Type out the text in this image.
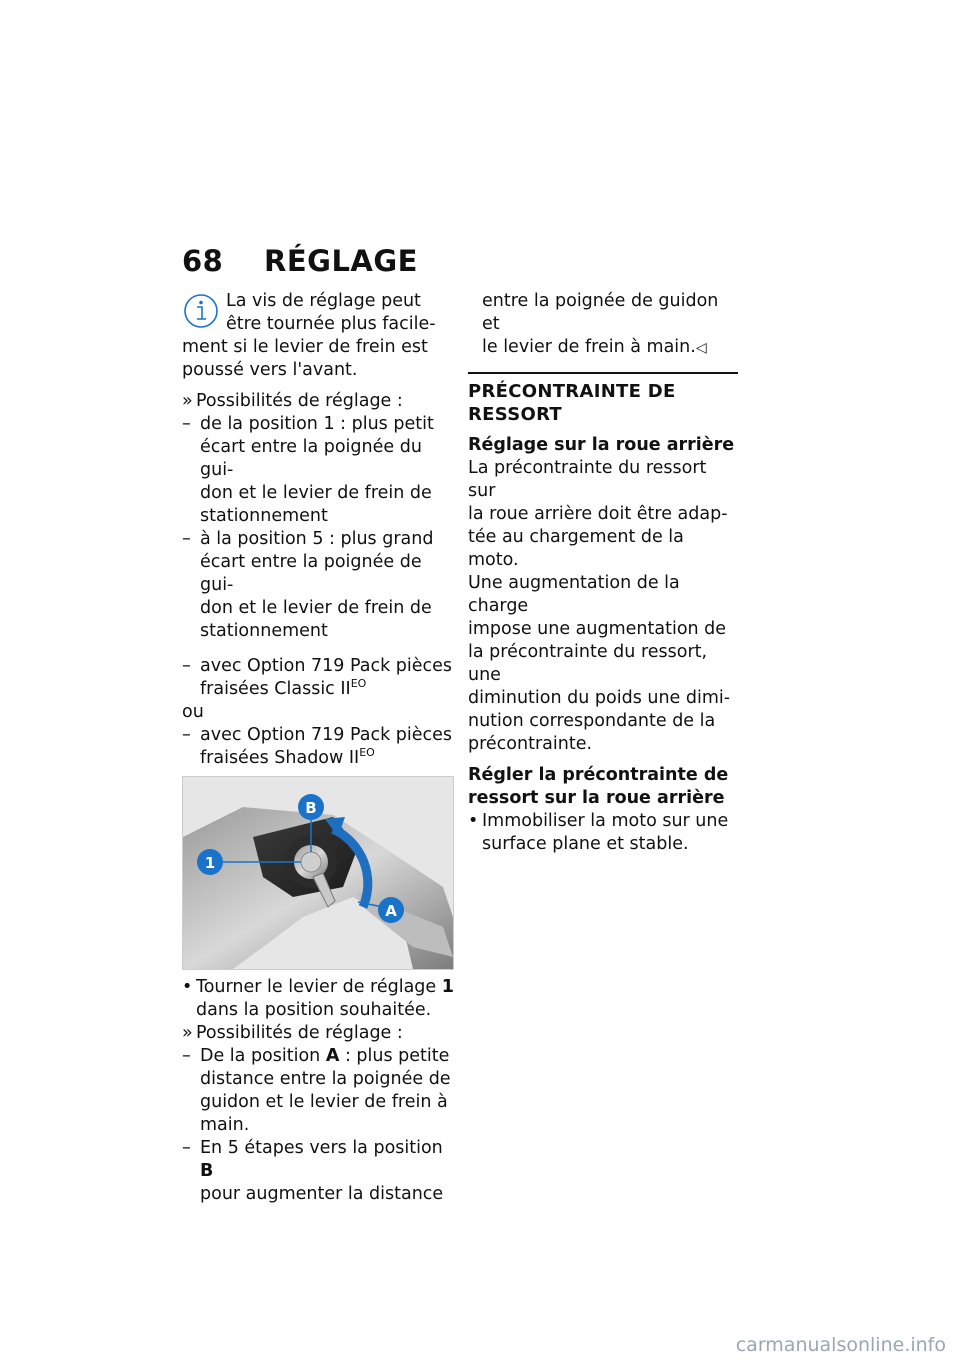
68 RÉGLAGE
La vis de réglage peut
être tournée plus facile-
ment si le levier de frein est
poussé vers l'avant.
» Possibilités de réglage :
– de la position 1 : plus petit

écart entre la poignée du gui-

don et le levier de frein de

stationnement

– à la position 5 : plus grand

écart entre la poignée de gui-

don et le levier de frein de

stationnement

– avec Option 719 Pack pièces

fraisées Classic $II^{EO}$

ou

– avec Option 719 Pack pièces

fraisées Shadow $II^{EO}$

B
1
A
• Tourner le levier de réglage 1

dans la position souhaitée.

» Possibilités de réglage :
– De la position A : plus petite

distance entre la poignée de

guidon et le levier de frein à

main.

– En 5 étapes vers la position B

pour augmenter la distance

entre la poignée de guidon et

le levier de frein à main.◁

PRÉCONTRAINTE DE

RESSORT

Réglage sur la roue arrière

La précontrainte du ressort sur

la roue arrière doit être adap-

tée au chargement de la moto.

Une augmentation de la charge

impose une augmentation de

la précontrainte du ressort, une

diminution du poids une dimi-

nution correspondante de la

précontrainte.

Régler la précontrainte de

ressort sur la roue arrière

• Immobiliser la moto sur une

surface plane et stable.

carmanualsonline.info
